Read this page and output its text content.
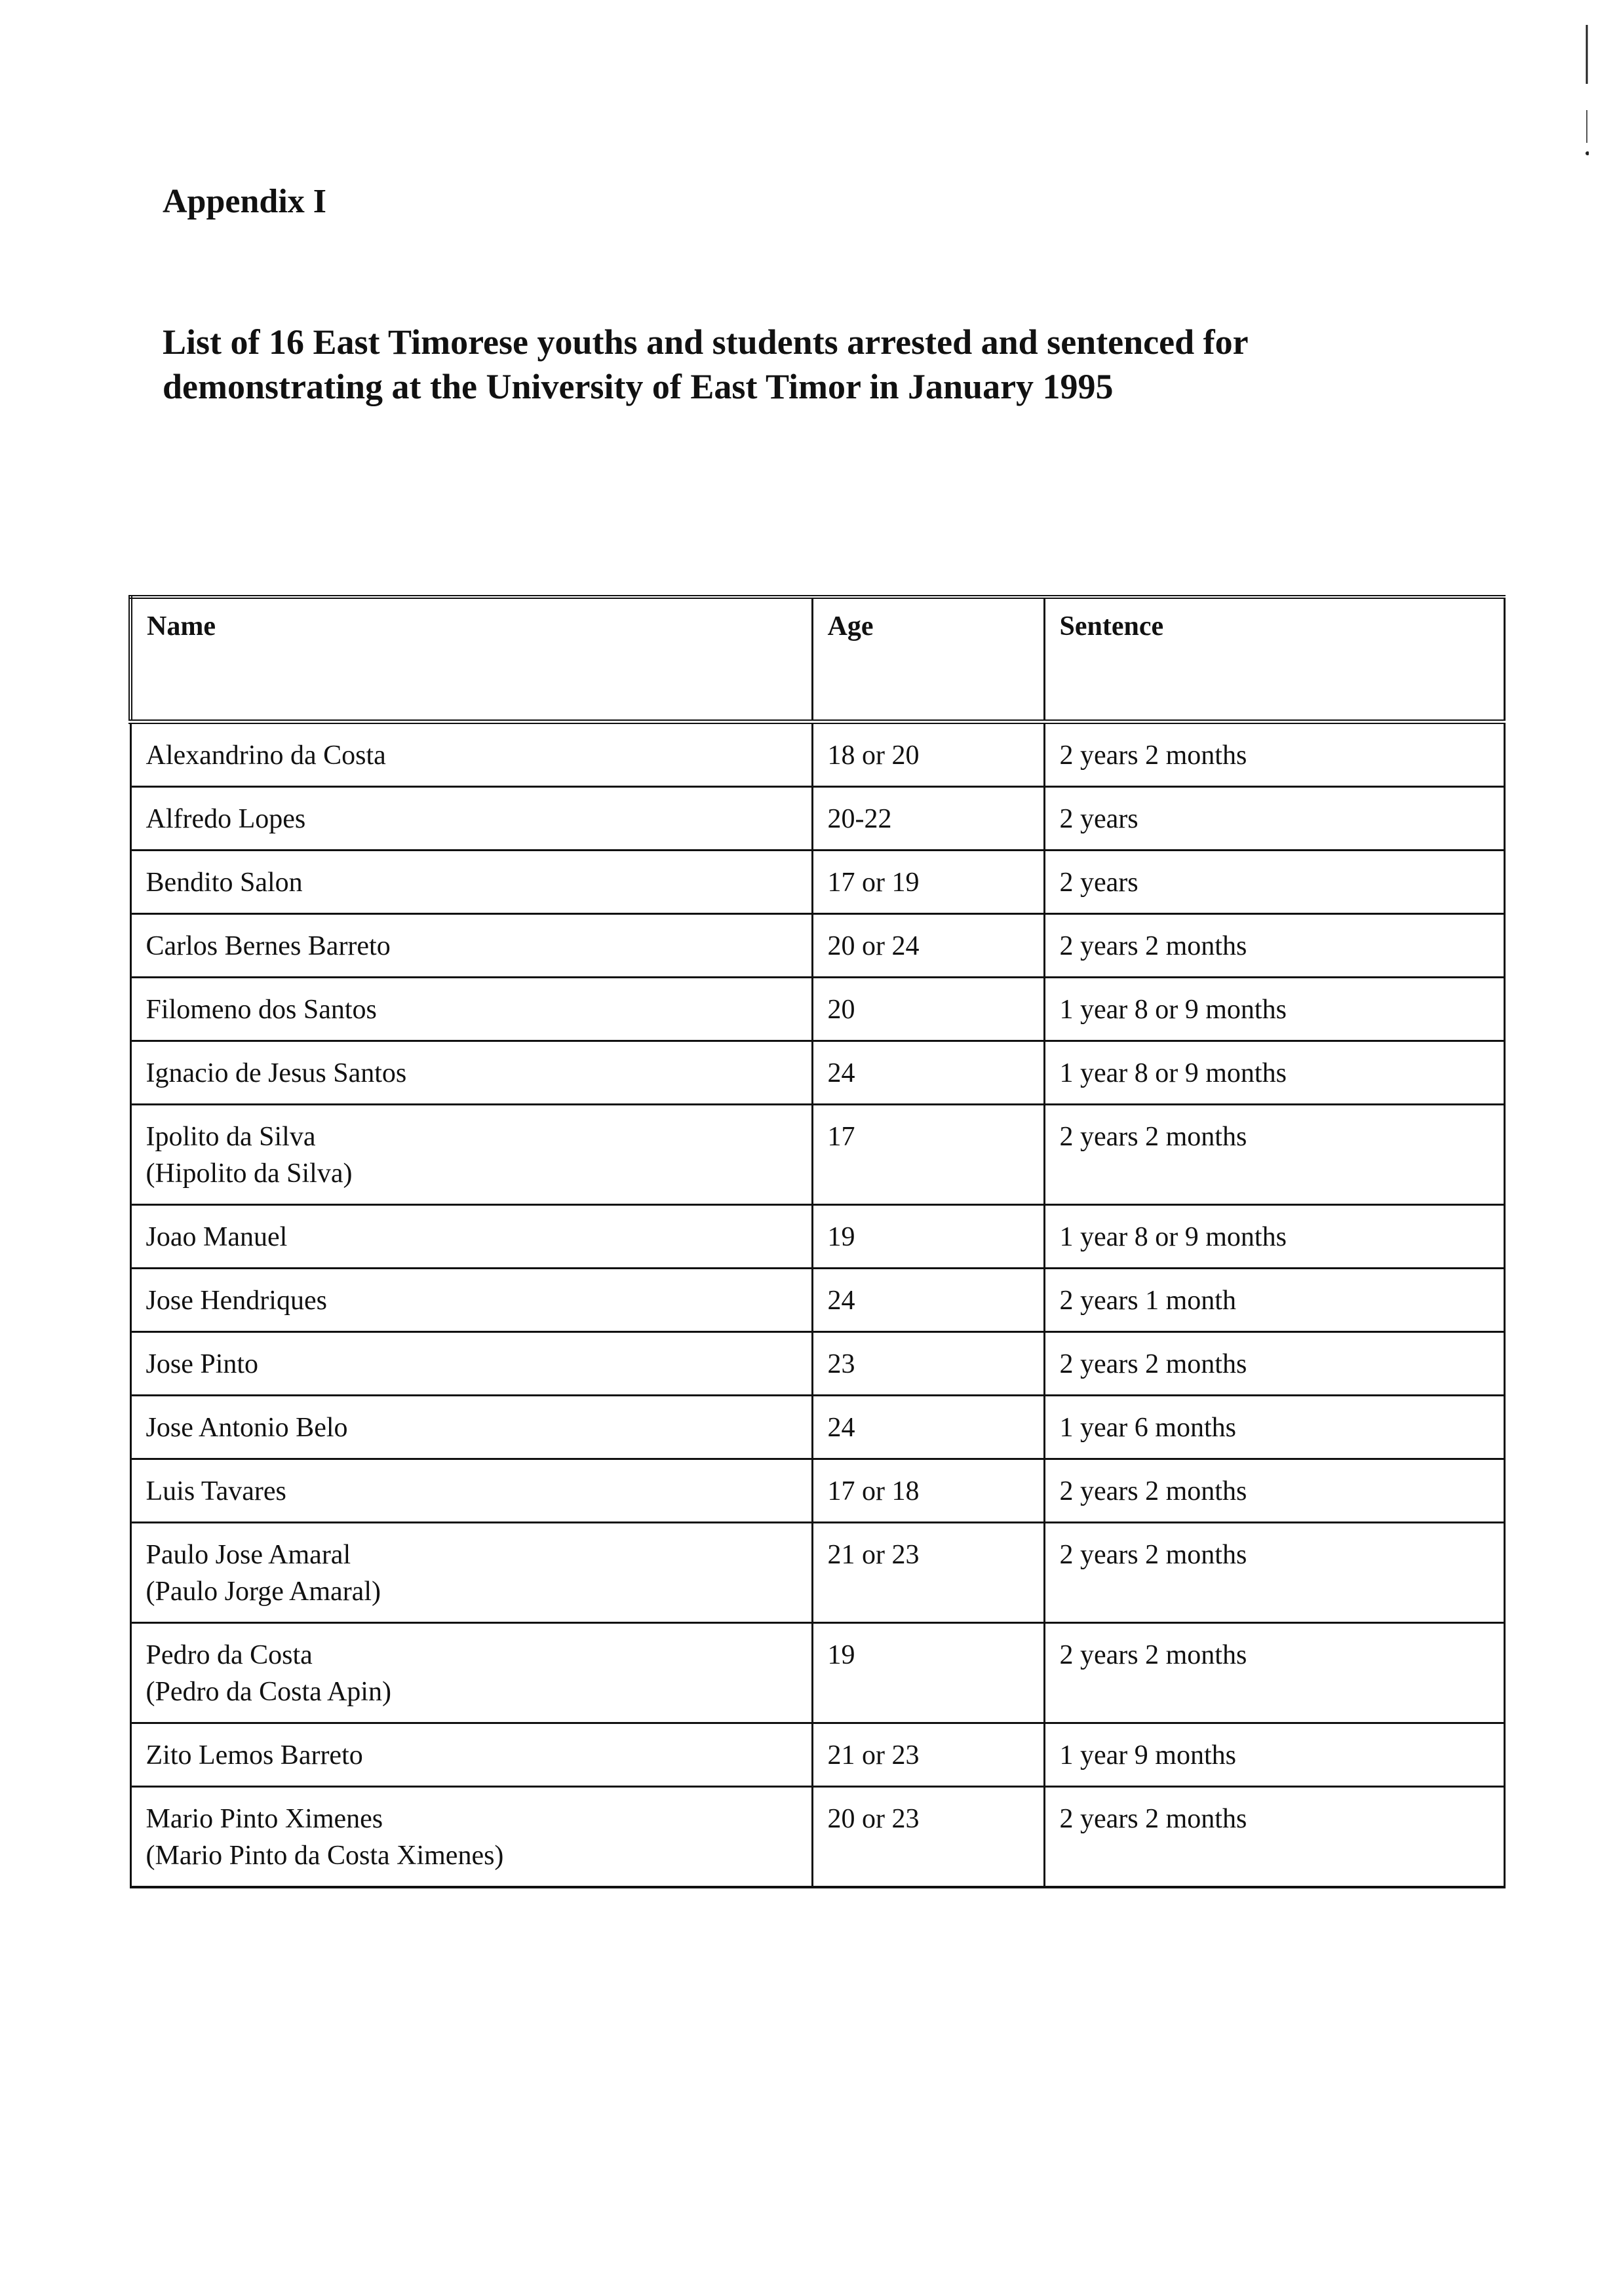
Appendix I
List of 16 East Timorese youths and students arrested and sentenced for demonstrating at the University of East Timor in January 1995
Name	Age	Sentence

Alexandrino da Costa	18 or 20	2 years 2 months

Alfredo Lopes	20-22	2 years

Bendito Salon	17 or 19	2 years

Carlos Bernes Barreto	20 or 24	2 years 2 months

Filomeno dos Santos	20	1 year 8 or 9 months

Ignacio de Jesus Santos	24	1 year 8 or 9 months

Ipolito da Silva
(Hipolito da Silva)	17	2 years 2 months

Joao Manuel	19	1 year 8 or 9 months

Jose Hendriques	24	2 years 1 month

Jose Pinto	23	2 years 2 months

Jose Antonio Belo	24	1 year 6 months

Luis Tavares	17 or 18	2 years 2 months

Paulo Jose Amaral
(Paulo Jorge Amaral)	21 or 23	2 years 2 months

Pedro da Costa
(Pedro da Costa Apin)	19	2 years 2 months

Zito Lemos Barreto	21 or 23	1 year 9 months

Mario Pinto Ximenes
(Mario Pinto da Costa Ximenes)	20 or 23	2 years 2 months
